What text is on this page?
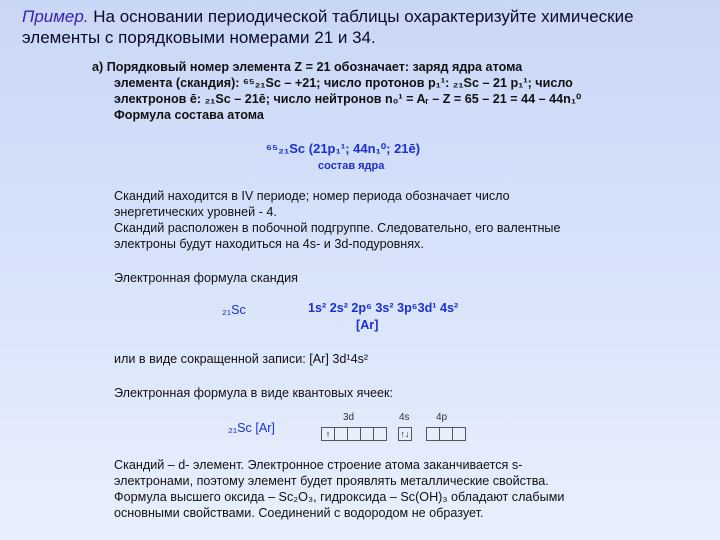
Пример. На основании периодической таблицы охарактеризуйте химические элементы с порядковыми номерами 21 и 34.
а) Порядковый номер элемента Z = 21 обозначает: заряд ядра атома
элемента (скандия): ⁶⁵₂₁Sc – +21; число протонов p₁¹: ₂₁Sc – 21 p₁¹; число
электронов ē: ₂₁Sc – 21ē; число нейтронов n₀¹ = Aᵣ – Z = 65 – 21 = 44 – 44n₁⁰
Формула состава атома
⁶⁵₂₁Sc (21p₁¹; 44n₁⁰; 21ē)
состав ядра
Скандий находится в IV периоде; номер периода обозначает число
энергетических уровней - 4.
Скандий расположен в побочной подгруппе. Следовательно, его валентные
электроны будут находиться на 4s- и 3d-подуровнях.
Электронная формула скандия
₂₁Sc	1s² 2s² 2p⁶ 3s² 3p⁶3d¹ 4s²
[Ar]
или в виде сокращенной записи: [Ar] 3d¹4s²
Электронная формула в виде квантовых ячеек:
₂₁Sc [Ar]
3d	4s	4p
↑	↑↓
Скандий – d- элемент. Электронное строение атома заканчивается s-
электронами, поэтому элемент будет проявлять металлические свойства.
Формула высшего оксида – Sc₂O₃, гидроксида – Sc(OH)₃ обладают слабыми
основными свойствами. Соединений с водородом не образует.
